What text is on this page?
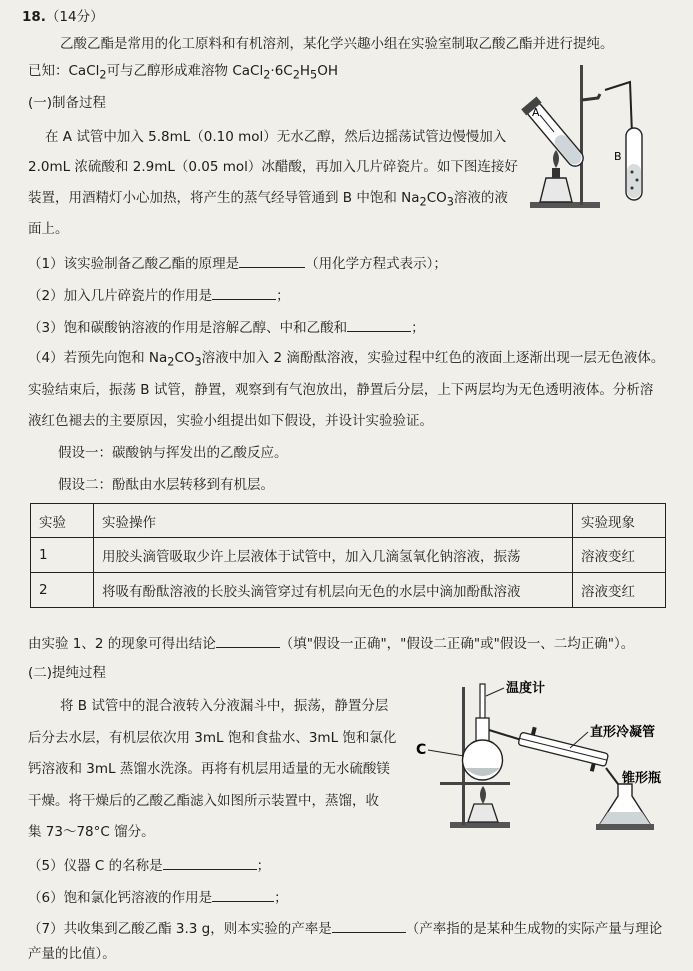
18.（14分）
乙酸乙酯是常用的化工原料和有机溶剂，某化学兴趣小组在实验室制取乙酸乙酯并进行提纯。
已知：CaCl$_2$可与乙醇形成难溶物 $CaCl_2\cdot 6C_2H_5OH$
(一)制备过程
在 A 试管中加入 5.8mL（0.10 mol）无水乙醇，然后边摇荡试管边慢慢加入
2.0mL 浓硫酸和 2.9mL（0.05 mol）冰醋酸，再加入几片碎瓷片。如下图连接好
装置，用酒精灯小心加热，将产生的蒸气经导管通到 B 中饱和 $Na_2CO_3$溶液的液
面上。
A
B
（1）该实验制备乙酸乙酯的原理是	（用化学方程式表示）；
（2）加入几片碎瓷片的作用是	；
（3）饱和碳酸钠溶液的作用是溶解乙醇、中和乙酸和	；
（4）若预先向饱和 $Na_2CO_3$溶液中加入 2 滴酚酞溶液，实验过程中红色的液面上逐渐出现一层无色液体。
实验结束后，振荡 B 试管，静置，观察到有气泡放出，静置后分层，上下两层均为无色透明液体。分析溶
液红色褪去的主要原因，实验小组提出如下假设，并设计实验验证。
假设一：碳酸钠与挥发出的乙酸反应。
假设二：酚酞由水层转移到有机层。
实验	实验操作	实验现象
1	用胶头滴管吸取少许上层液体于试管中，加入几滴氢氧化钠溶液，振荡	溶液变红
2	将吸有酚酞溶液的长胶头滴管穿过有机层向无色的水层中滴加酚酞溶液	溶液变红
由实验 1、2 的现象可得出结论	（填"假设一正确"，"假设二正确"或"假设一、二均正确"）。
(二)提纯过程
将 B 试管中的混合液转入分液漏斗中，振荡，静置分层
后分去水层，有机层依次用 3mL 饱和食盐水、3mL 饱和氯化
钙溶液和 3mL 蒸馏水洗涤。再将有机层用适量的无水硫酸镁
干燥。将干燥后的乙酸乙酯滤入如图所示装置中，蒸馏，收
集 73～78°C 馏分。
温度计
C
直形冷凝管
锥形瓶
（5）仪器 C 的名称是	；
（6）饱和氯化钙溶液的作用是	；
（7）共收集到乙酸乙酯 3.3 g，则本实验的产率是	（产率指的是某种生成物的实际产量与理论
产量的比值）。
